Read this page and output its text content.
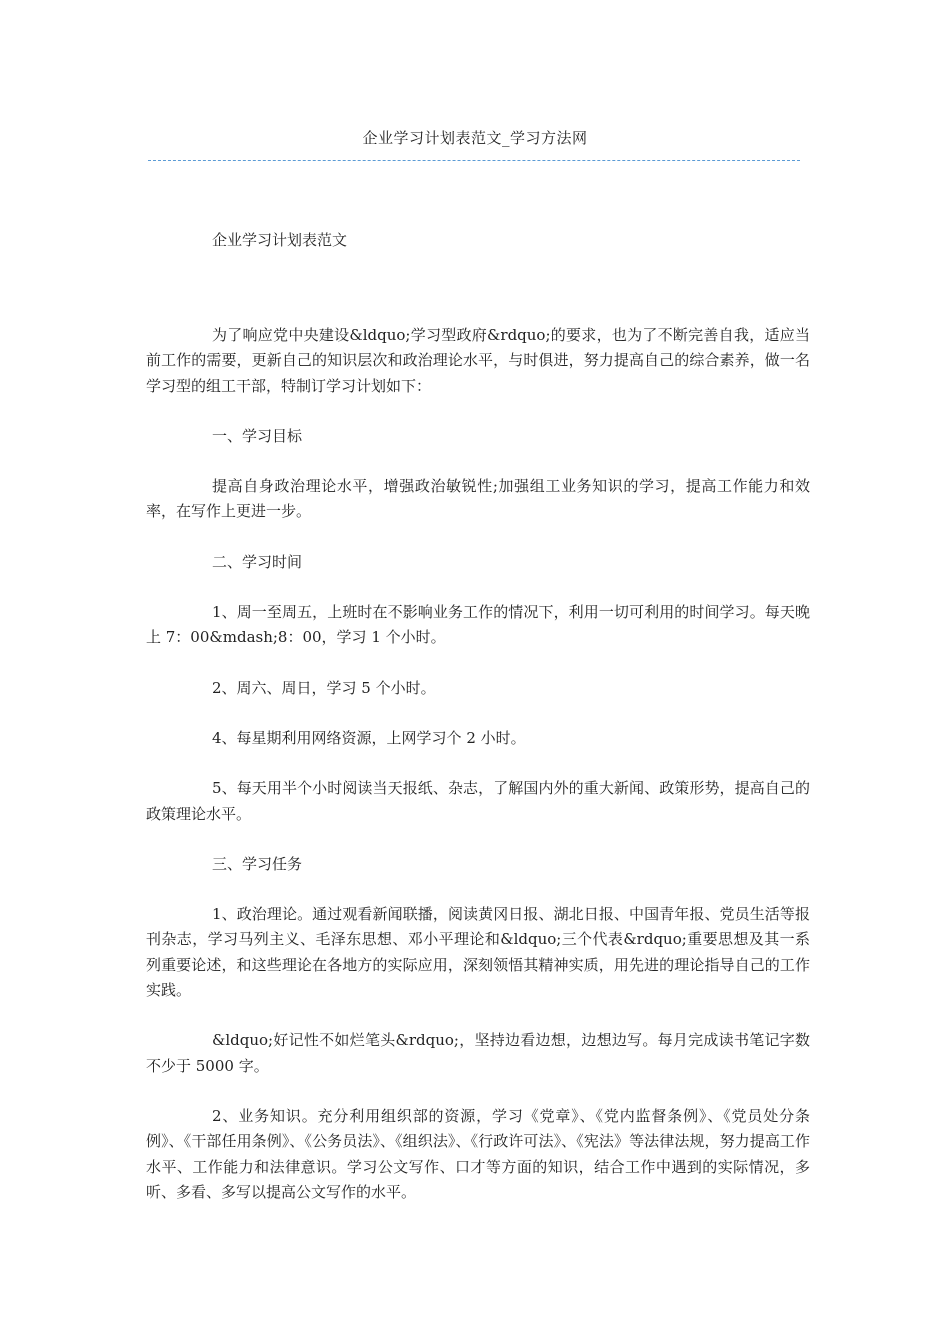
企业学习计划表范文_学习方法网
企业学习计划表范文

为了响应党中央建设&ldquo;学习型政府&rdquo;的要求，也为了不断完善自我，适应当前工作的需要，更新自己的知识层次和政治理论水平，与时俱进，努力提高自己的综合素养，做一名学习型的组工干部，特制订学习计划如下：

一、学习目标

提高自身政治理论水平，增强政治敏锐性;加强组工业务知识的学习，提高工作能力和效率，在写作上更进一步。

二、学习时间

1、周一至周五，上班时在不影响业务工作的情况下，利用一切可利用的时间学习。每天晚上 7：00&mdash;8：00，学习 1 个小时。

2、周六、周日，学习 5 个小时。

4、每星期利用网络资源，上网学习个 2 小时。

5、每天用半个小时阅读当天报纸、杂志，了解国内外的重大新闻、政策形势，提高自己的政策理论水平。

三、学习任务

1、政治理论。通过观看新闻联播，阅读黄冈日报、湖北日报、中国青年报、党员生活等报刊杂志，学习马列主义、毛泽东思想、邓小平理论和&ldquo;三个代表&rdquo;重要思想及其一系列重要论述，和这些理论在各地方的实际应用，深刻领悟其精神实质，用先进的理论指导自己的工作实践。

&ldquo;好记性不如烂笔头&rdquo;，坚持边看边想，边想边写。每月完成读书笔记字数不少于 5000 字。

2、业务知识。充分利用组织部的资源，学习《党章》、《党内监督条例》、《党员处分条例》、《干部任用条例》、《公务员法》、《组织法》、《行政许可法》、《宪法》等法律法规，努力提高工作水平、工作能力和法律意识。学习公文写作、口才等方面的知识，结合工作中遇到的实际情况，多听、多看、多写以提高公文写作的水平。
